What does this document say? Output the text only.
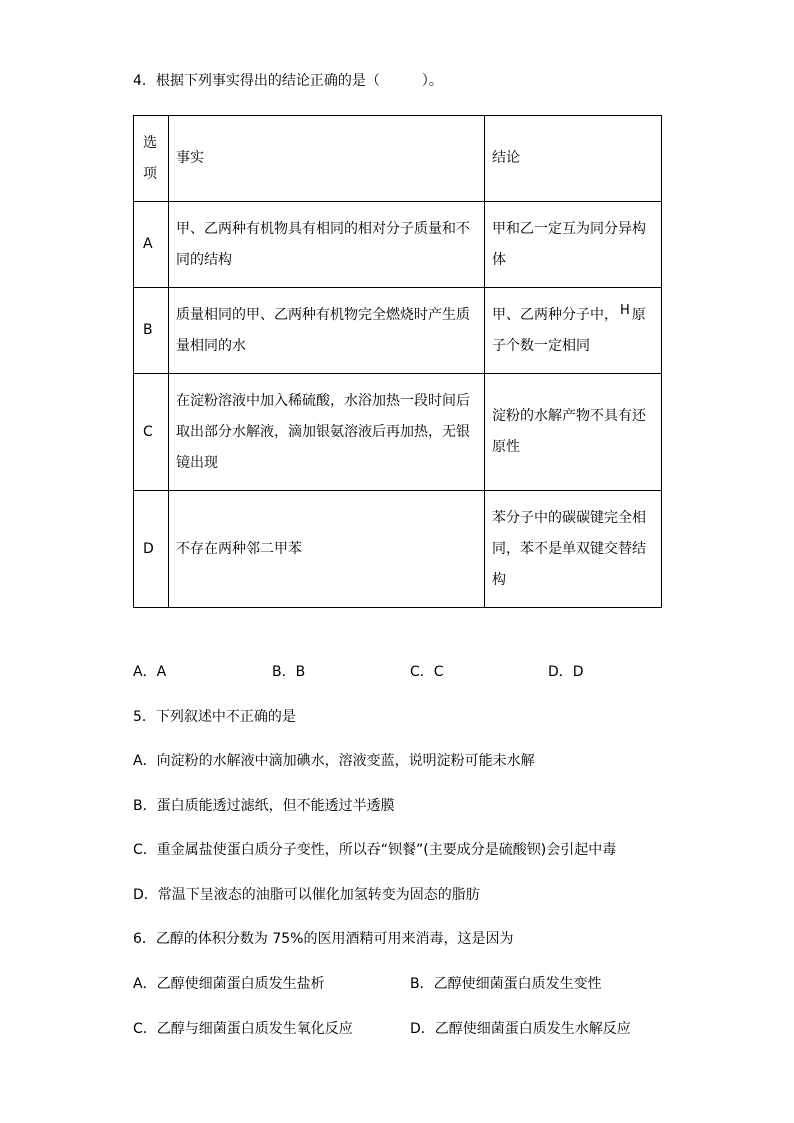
4．根据下列事实得出的结论正确的是（　　　）。
选项	事实	结论
A	甲、乙两种有机物具有相同的相对分子质量和不同的结构	甲和乙一定互为同分异构体
B	质量相同的甲、乙两种有机物完全燃烧时产生质量相同的水	甲、乙两种分子中， H 原子个数一定相同
C	在淀粉溶液中加入稀硫酸，水浴加热一段时间后取出部分水解液，滴加银氨溶液后再加热，无银镜出现	淀粉的水解产物不具有还原性
D	不存在两种邻二甲苯	苯分子中的碳碳键完全相同，苯不是单双键交替结构
A．A	B．B	C．C	D．D
5．下列叙述中不正确的是
A．向淀粉的水解液中滴加碘水，溶液变蓝，说明淀粉可能未水解
B．蛋白质能透过滤纸，但不能透过半透膜
C．重金属盐使蛋白质分子变性，所以吞“钡餐”(主要成分是硫酸钡)会引起中毒
D．常温下呈液态的油脂可以催化加氢转变为固态的脂肪
6．乙醇的体积分数为 75%的医用酒精可用来消毒，这是因为
A．乙醇使细菌蛋白质发生盐析	B．乙醇使细菌蛋白质发生变性
C．乙醇与细菌蛋白质发生氧化反应	D．乙醇使细菌蛋白质发生水解反应
